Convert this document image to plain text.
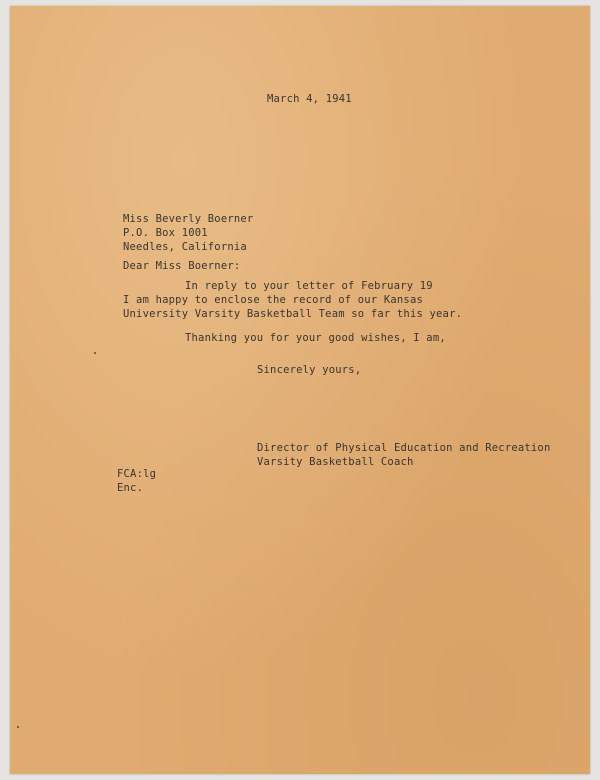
March 4, 1941
Miss Beverly Boerner
P.O. Box 1001
Needles, California
Dear Miss Boerner:
In reply to your letter of February 19
I am happy to enclose the record of our Kansas
University Varsity Basketball Team so far this year.
Thanking you for your good wishes, I am,
Sincerely yours,
Director of Physical Education and Recreation
Varsity Basketball Coach
FCA:lg
Enc.
